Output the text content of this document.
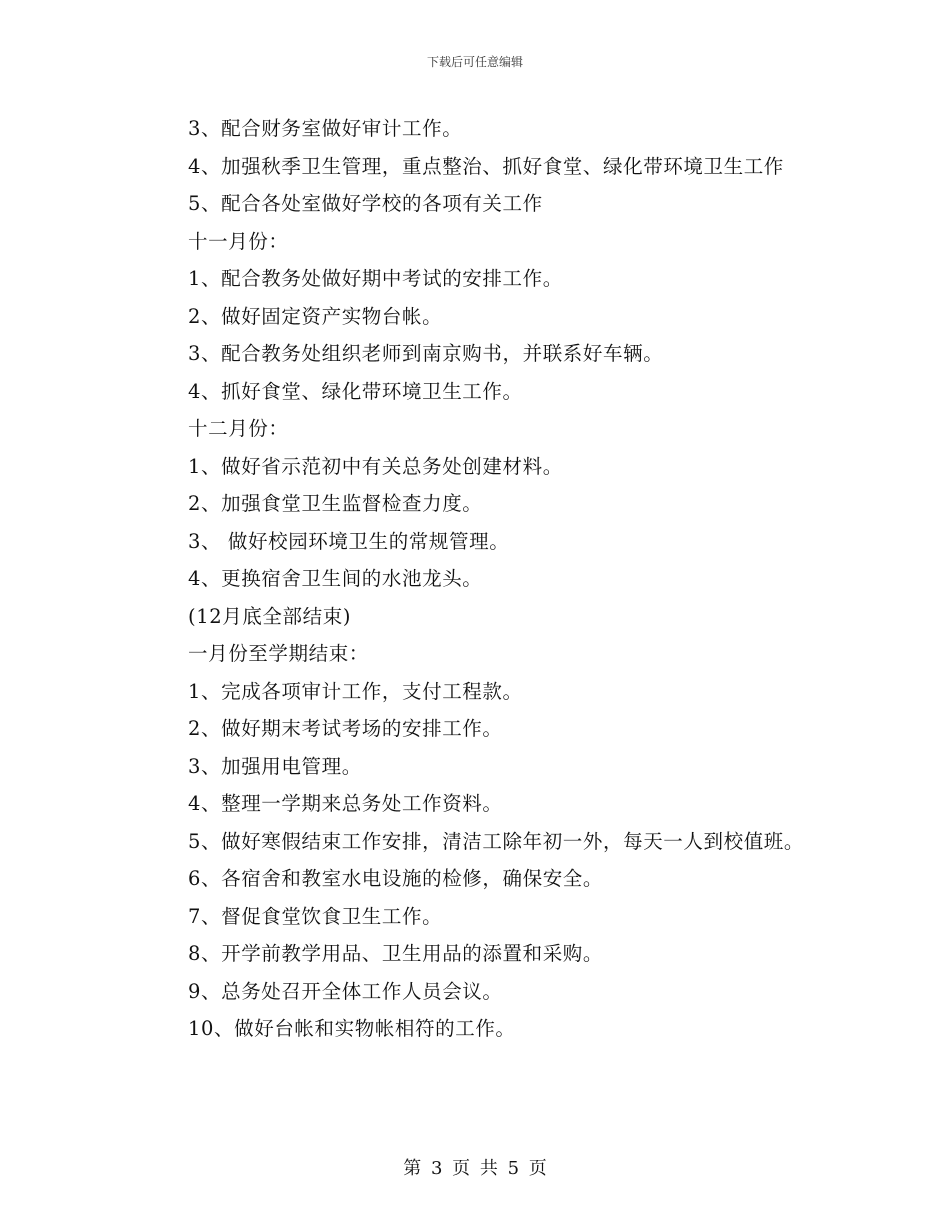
下载后可任意编辑

3、配合财务室做好审计工作。

4、加强秋季卫生管理，重点整治、抓好食堂、绿化带环境卫生工作

5、配合各处室做好学校的各项有关工作

十一月份：

1、配合教务处做好期中考试的安排工作。

2、做好固定资产实物台帐。

3、配合教务处组织老师到南京购书，并联系好车辆。

4、抓好食堂、绿化带环境卫生工作。

十二月份：

1、做好省示范初中有关总务处创建材料。

2、加强食堂卫生监督检查力度。

3、 做好校园环境卫生的常规管理。

4、更换宿舍卫生间的水池龙头。

(12月底全部结束)

一月份至学期结束：

1、完成各项审计工作，支付工程款。

2、做好期末考试考场的安排工作。

3、加强用电管理。

4、整理一学期来总务处工作资料。

5、做好寒假结束工作安排，清洁工除年初一外，每天一人到校值班。

6、各宿舍和教室水电设施的检修，确保安全。

7、督促食堂饮食卫生工作。

8、开学前教学用品、卫生用品的添置和采购。

9、总务处召开全体工作人员会议。

10、做好台帐和实物帐相符的工作。

第 3 页 共 5 页
